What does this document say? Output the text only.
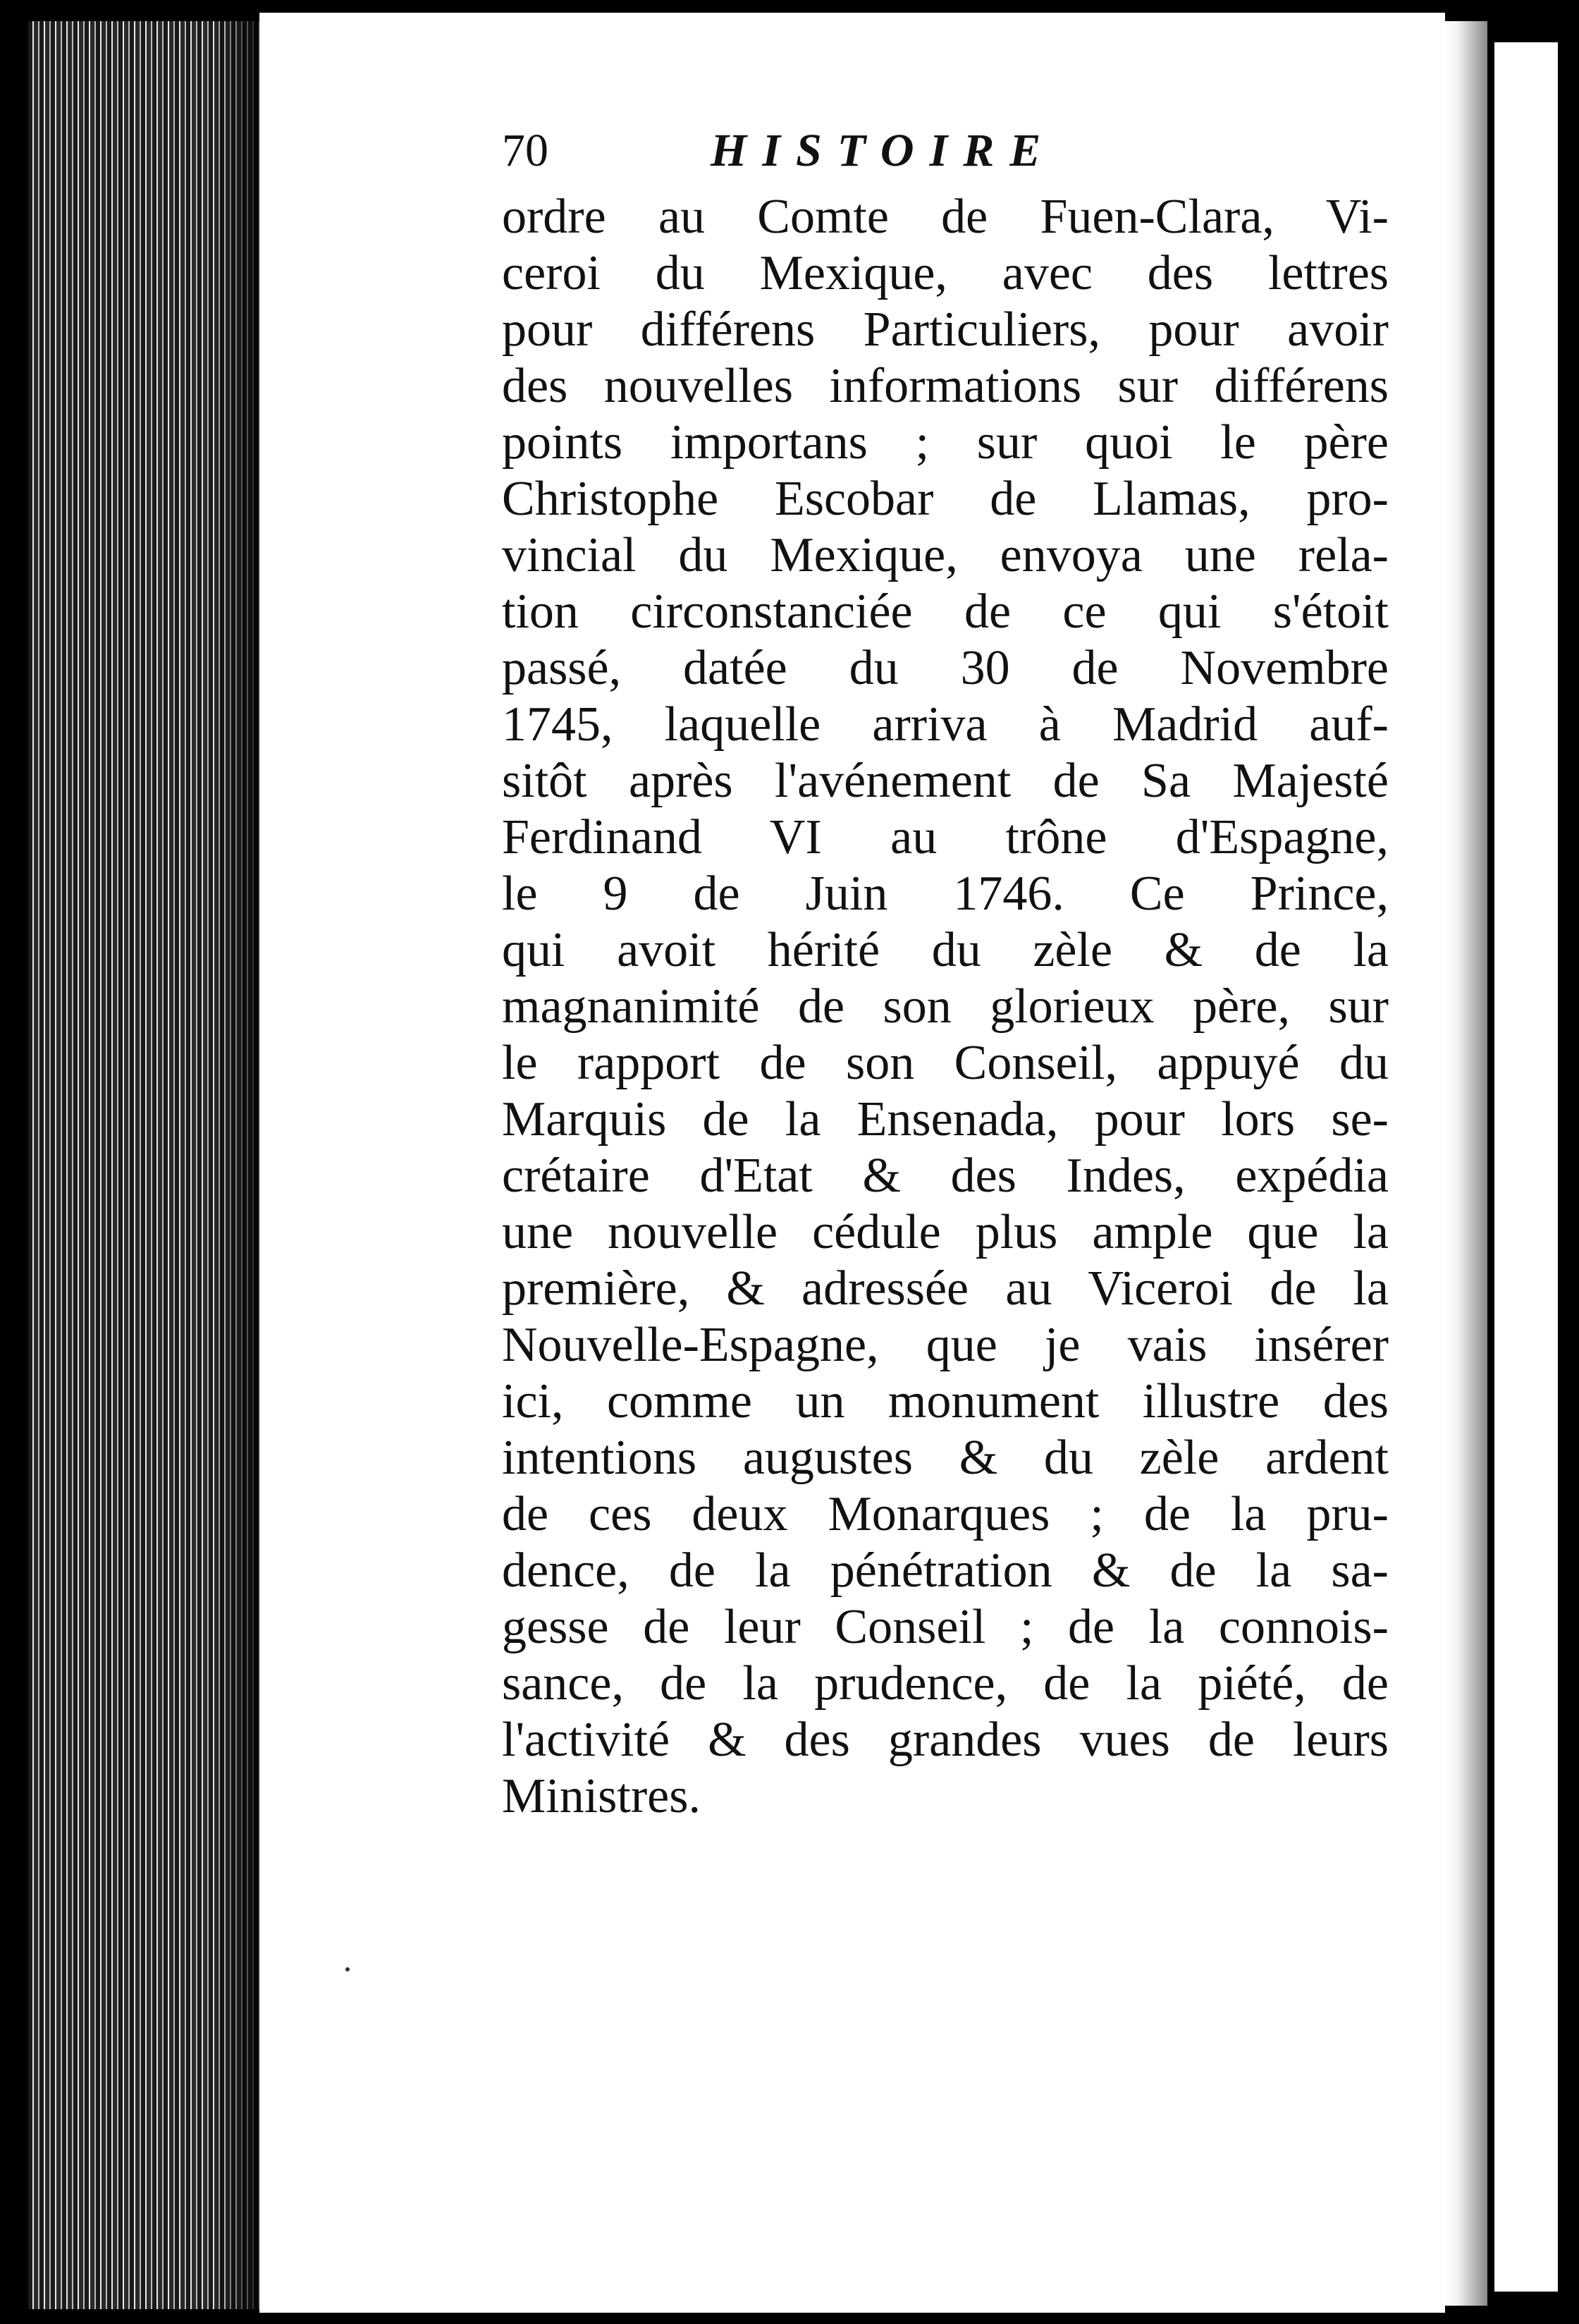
70	HISTOIRE
ordre au Comte de Fuen-Clara, Vi-
ceroi du Mexique, avec des lettres
pour différens Particuliers, pour avoir
des nouvelles informations sur différens
points importans ; sur quoi le père
Christophe Escobar de Llamas, pro-
vincial du Mexique, envoya une rela-
tion circonstanciée de ce qui s'étoit
passé, datée du 30 de Novembre
1745, laquelle arriva à Madrid auf-
sitôt après l'avénement de Sa Majesté
Ferdinand VI au trône d'Espagne,
le 9 de Juin 1746. Ce Prince,
qui avoit hérité du zèle & de la
magnanimité de son glorieux père, sur
le rapport de son Conseil, appuyé du
Marquis de la Ensenada, pour lors se-
crétaire d'Etat & des Indes, expédia
une nouvelle cédule plus ample que la
première, & adressée au Viceroi de la
Nouvelle-Espagne, que je vais insérer
ici, comme un monument illustre des
intentions augustes & du zèle ardent
de ces deux Monarques ; de la pru-
dence, de la pénétration & de la sa-
gesse de leur Conseil ; de la connois-
sance, de la prudence, de la piété, de
l'activité & des grandes vues de leurs
Ministres.
